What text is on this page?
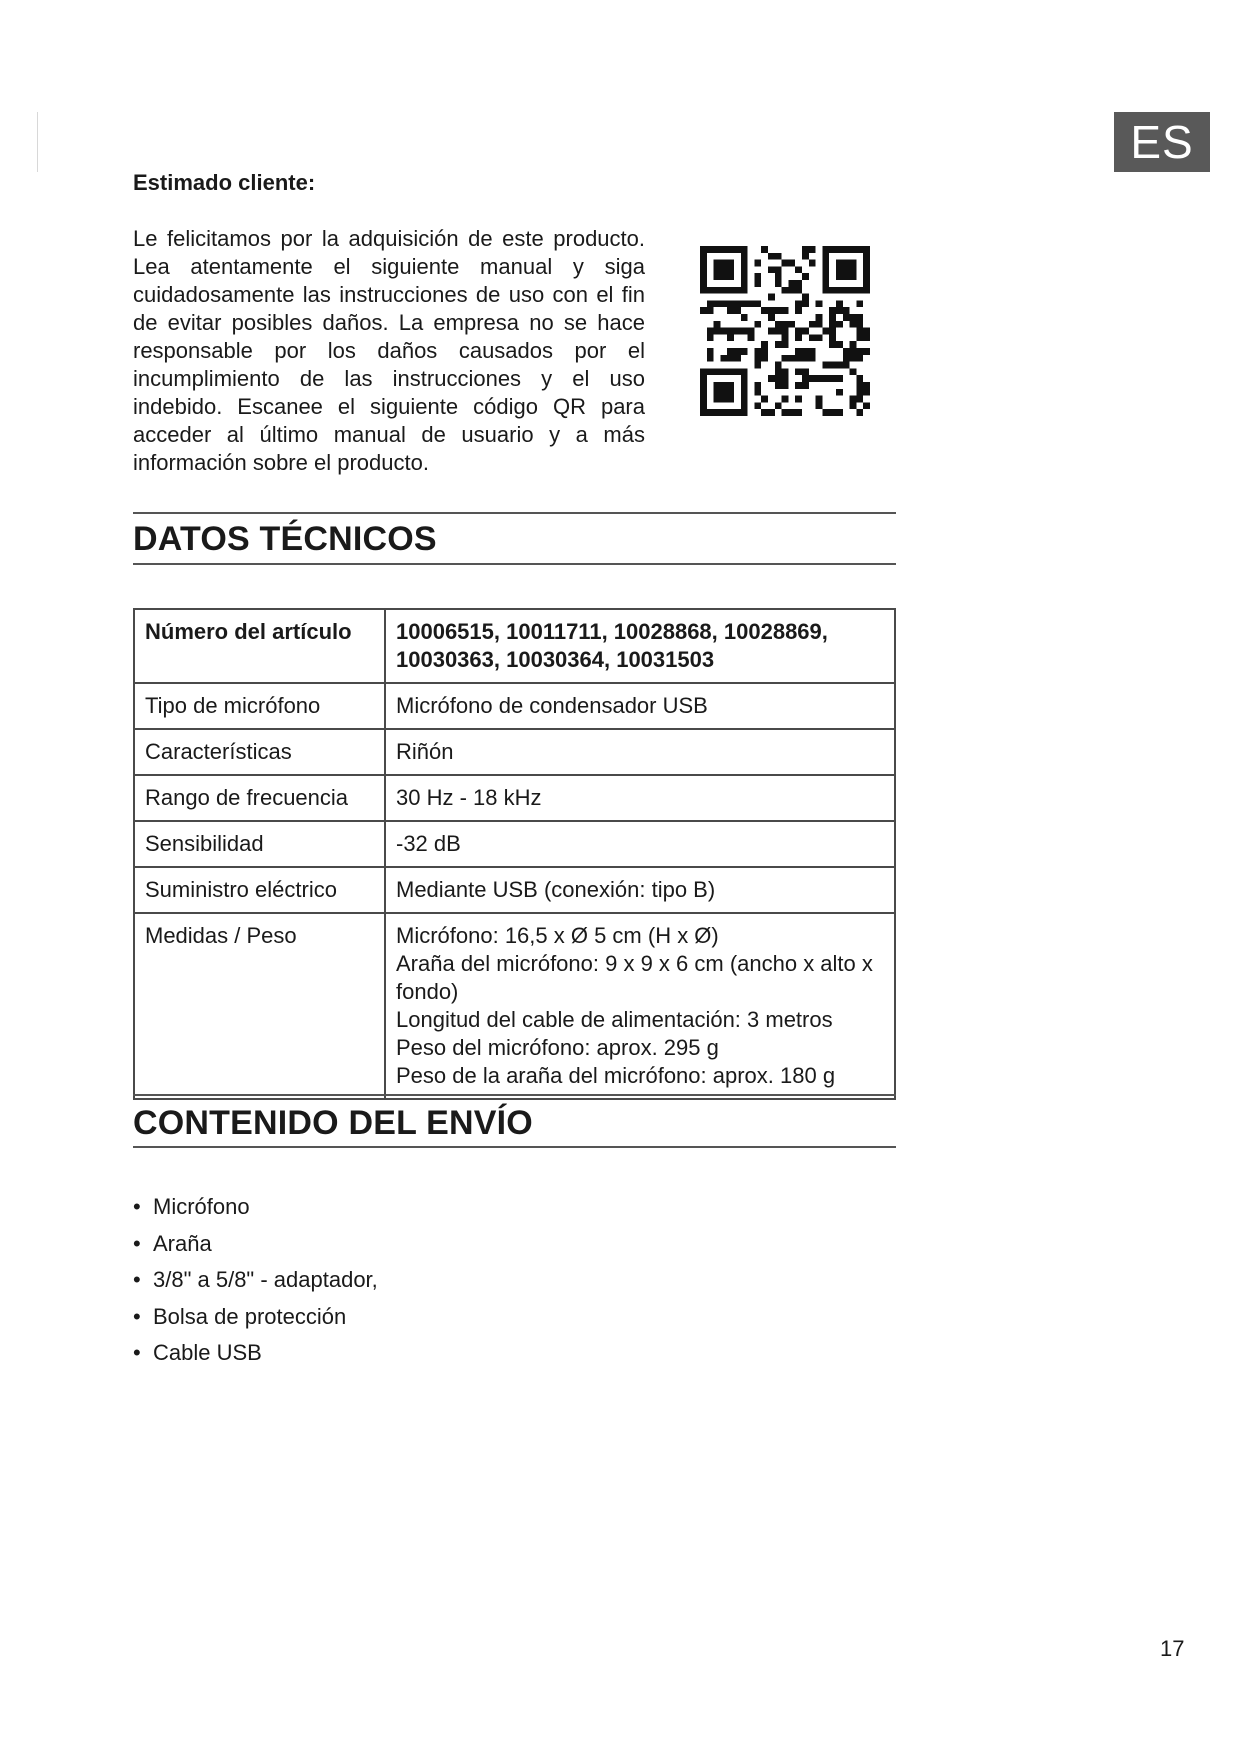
ES
Estimado cliente:

Le felicitamos por la adquisición de este producto. Lea atentamente el siguiente manual y siga cuidadosamente las instrucciones de uso con el fin de evitar posibles daños. La empresa no se hace responsable por los daños causados por el incumplimiento de las instrucciones y el uso indebido. Escanee el siguiente código QR para acceder al último manual de usuario y a más información sobre el producto.

DATOS TÉCNICOS
Número del artículo	10006515, 10011711, 10028868, 10028869,
10030363, 10030364, 10031503

Tipo de micrófono	Micrófono de condensador USB

Características	Riñón

Rango de frecuencia	30 Hz - 18 kHz

Sensibilidad	-32 dB

Suministro eléctrico	Mediante USB (conexión: tipo B)

Medidas / Peso	Micrófono: 16,5 x Ø 5 cm (H x Ø)
Araña del micrófono: 9 x 9 x 6 cm (ancho x alto x fondo)
Longitud del cable de alimentación: 3 metros
Peso del micrófono: aprox. 295 g
Peso de la araña del micrófono: aprox. 180 g
CONTENIDO DEL ENVÍO
• Micrófono
• Araña
• 3/8" a 5/8" - adaptador,
• Bolsa de protección
• Cable USB
17
